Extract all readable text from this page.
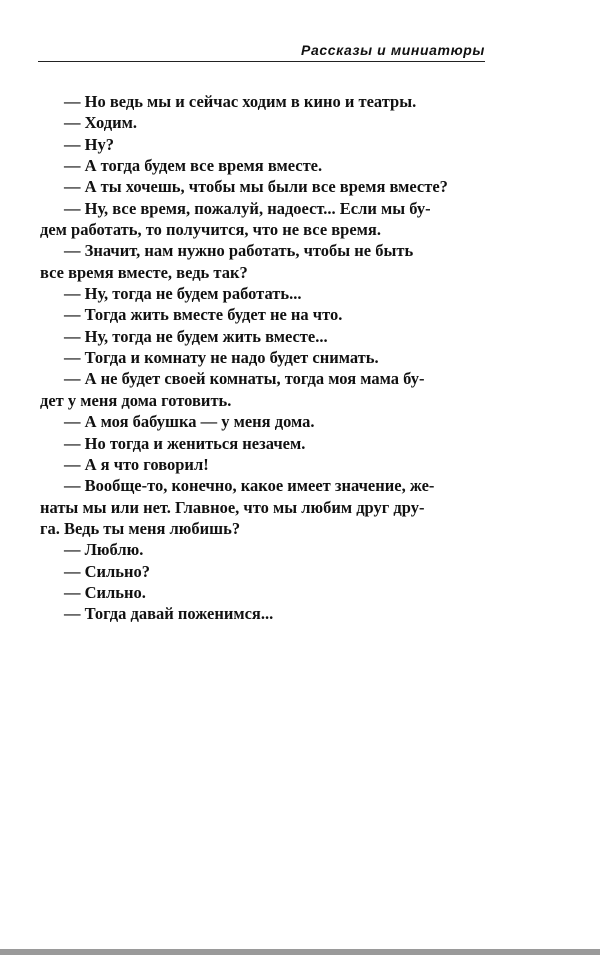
Рассказы и миниатюры
— Но ведь мы и сейчас ходим в кино и театры.
— Ходим.
— Ну?
— А тогда будем все время вместе.
— А ты хочешь, чтобы мы были все время вместе?
— Ну, все время, пожалуй, надоест... Если мы бу-
дем работать, то получится, что не все время.
— Значит, нам нужно работать, чтобы не быть
все время вместе, ведь так?
— Ну, тогда не будем работать...
— Тогда жить вместе будет не на что.
— Ну, тогда не будем жить вместе...
— Тогда и комнату не надо будет снимать.
— А не будет своей комнаты, тогда моя мама бу-
дет у меня дома готовить.
— А моя бабушка — у меня дома.
— Но тогда и жениться незачем.
— А я что говорил!
— Вообще-то, конечно, какое имеет значение, же-
наты мы или нет. Главное, что мы любим друг дру-
га. Ведь ты меня любишь?
— Люблю.
— Сильно?
— Сильно.
— Тогда давай поженимся...
